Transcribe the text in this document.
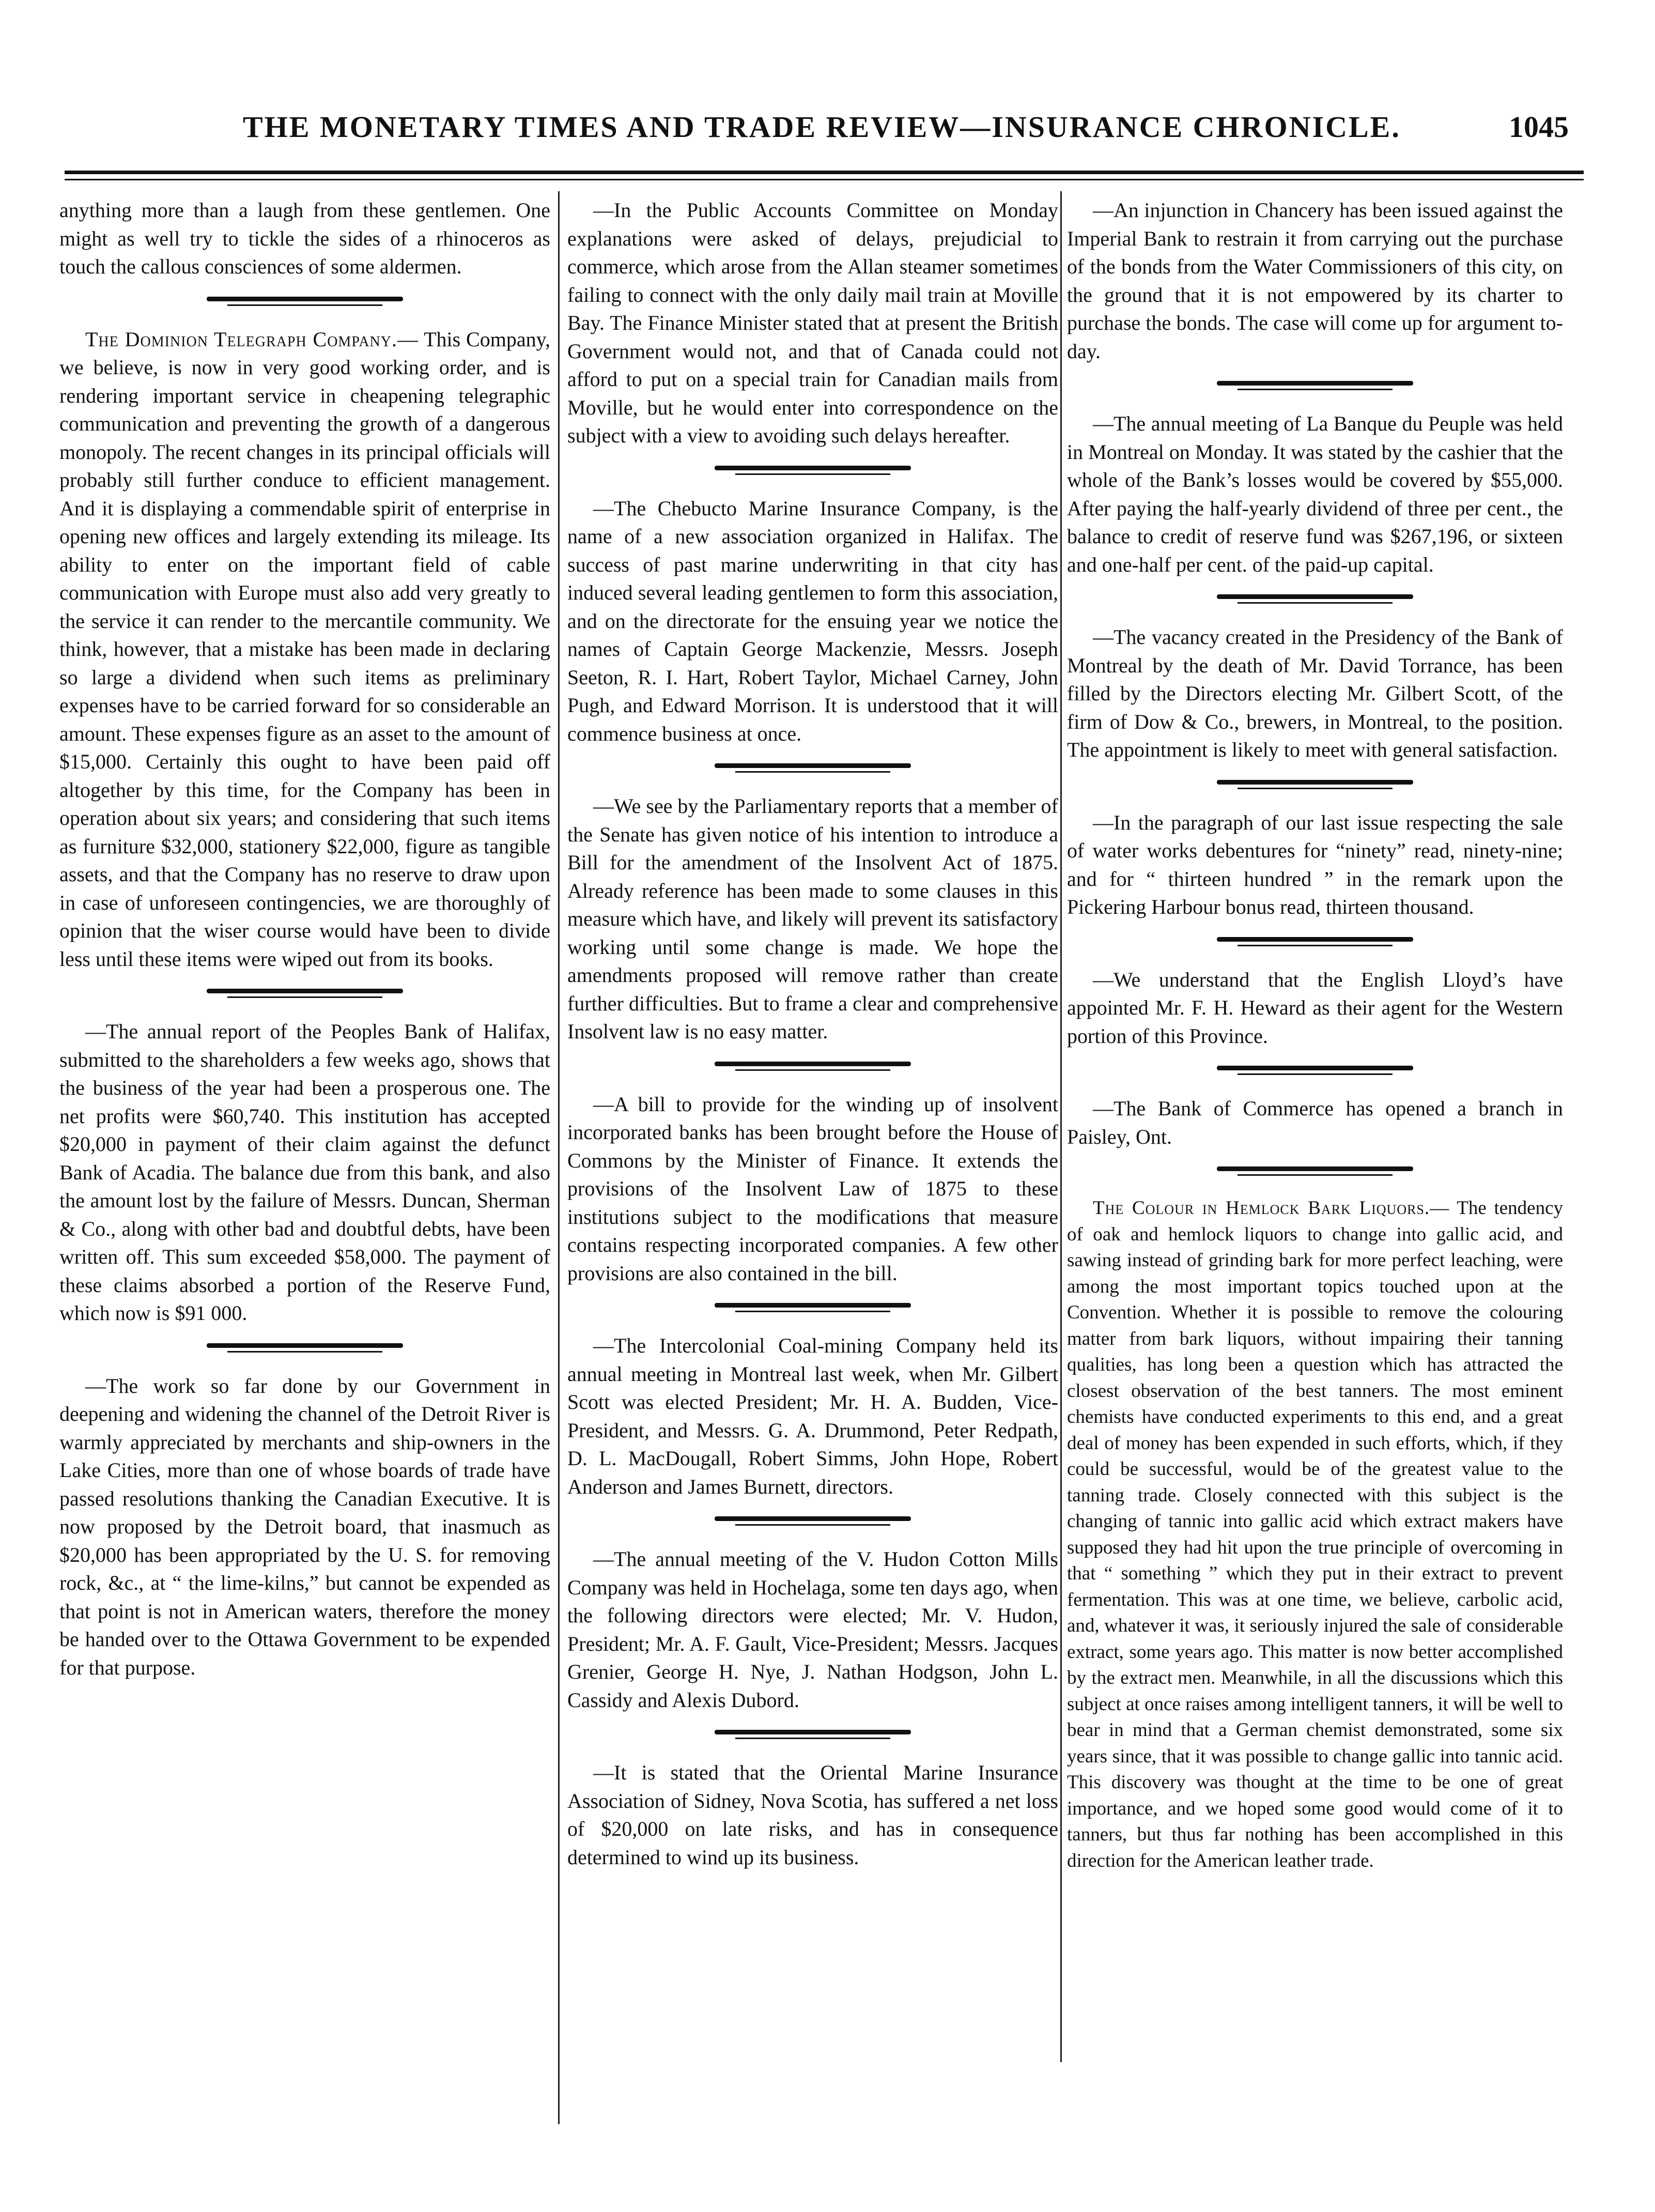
THE MONETARY TIMES AND TRADE REVIEW—INSURANCE CHRONICLE.	1045

anything more than a laugh from these gentlemen. One might as well try to tickle the sides of a rhinoceros as touch the callous consciences of some aldermen.

The Dominion Telegraph Company.— This Company, we believe, is now in very good working order, and is rendering important service in cheapening telegraphic communication and preventing the growth of a dangerous monopoly. The recent changes in its principal officials will probably still further conduce to efficient management. And it is displaying a commendable spirit of enterprise in opening new offices and largely extending its mileage. Its ability to enter on the important field of cable communication with Europe must also add very greatly to the service it can render to the mercantile community. We think, however, that a mistake has been made in declaring so large a dividend when such items as preliminary expenses have to be carried forward for so considerable an amount. These expenses figure as an asset to the amount of $15,000. Certainly this ought to have been paid off altogether by this time, for the Company has been in operation about six years; and considering that such items as furniture $32,000, stationery $22,000, figure as tangible assets, and that the Company has no reserve to draw upon in case of unforeseen contingencies, we are thoroughly of opinion that the wiser course would have been to divide less until these items were wiped out from its books.

—The annual report of the Peoples Bank of Halifax, submitted to the shareholders a few weeks ago, shows that the business of the year had been a prosperous one. The net profits were $60,740. This institution has accepted $20,000 in payment of their claim against the defunct Bank of Acadia. The balance due from this bank, and also the amount lost by the failure of Messrs. Duncan, Sherman & Co., along with other bad and doubtful debts, have been written off. This sum exceeded $58,000. The payment of these claims absorbed a portion of the Reserve Fund, which now is $91 000.

—The work so far done by our Government in deepening and widening the channel of the Detroit River is warmly appreciated by merchants and ship-owners in the Lake Cities, more than one of whose boards of trade have passed resolutions thanking the Canadian Executive. It is now proposed by the Detroit board, that inasmuch as $20,000 has been appropriated by the U. S. for removing rock, &c., at “ the lime-kilns,” but cannot be expended as that point is not in American waters, therefore the money be handed over to the Ottawa Government to be expended for that purpose.

—In the Public Accounts Committee on Monday explanations were asked of delays, prejudicial to commerce, which arose from the Allan steamer sometimes failing to connect with the only daily mail train at Moville Bay. The Finance Minister stated that at present the British Government would not, and that of Canada could not afford to put on a special train for Canadian mails from Moville, but he would enter into correspondence on the subject with a view to avoiding such delays hereafter.

—The Chebucto Marine Insurance Company, is the name of a new association organized in Halifax. The success of past marine underwriting in that city has induced several leading gentlemen to form this association, and on the directorate for the ensuing year we notice the names of Captain George Mackenzie, Messrs. Joseph Seeton, R. I. Hart, Robert Taylor, Michael Carney, John Pugh, and Edward Morrison. It is understood that it will commence business at once.

—We see by the Parliamentary reports that a member of the Senate has given notice of his intention to introduce a Bill for the amendment of the Insolvent Act of 1875. Already reference has been made to some clauses in this measure which have, and likely will prevent its satisfactory working until some change is made. We hope the amendments proposed will remove rather than create further difficulties. But to frame a clear and comprehensive Insolvent law is no easy matter.

—A bill to provide for the winding up of insolvent incorporated banks has been brought before the House of Commons by the Minister of Finance. It extends the provisions of the Insolvent Law of 1875 to these institutions subject to the modifications that measure contains respecting incorporated companies. A few other provisions are also contained in the bill.

—The Intercolonial Coal-mining Company held its annual meeting in Montreal last week, when Mr. Gilbert Scott was elected President; Mr. H. A. Budden, Vice-President, and Messrs. G. A. Drummond, Peter Redpath, D. L. MacDougall, Robert Simms, John Hope, Robert Anderson and James Burnett, directors.

—The annual meeting of the V. Hudon Cotton Mills Company was held in Hochelaga, some ten days ago, when the following directors were elected; Mr. V. Hudon, President; Mr. A. F. Gault, Vice-President; Messrs. Jacques Grenier, George H. Nye, J. Nathan Hodgson, John L. Cassidy and Alexis Dubord.

—It is stated that the Oriental Marine Insurance Association of Sidney, Nova Scotia, has suffered a net loss of $20,000 on late risks, and has in consequence determined to wind up its business.

—An injunction in Chancery has been issued against the Imperial Bank to restrain it from carrying out the purchase of the bonds from the Water Commissioners of this city, on the ground that it is not empowered by its charter to purchase the bonds. The case will come up for argument to-day.

—The annual meeting of La Banque du Peuple was held in Montreal on Monday. It was stated by the cashier that the whole of the Bank’s losses would be covered by $55,000. After paying the half-yearly dividend of three per cent., the balance to credit of reserve fund was $267,196, or sixteen and one-half per cent. of the paid-up capital.

—The vacancy created in the Presidency of the Bank of Montreal by the death of Mr. David Torrance, has been filled by the Directors electing Mr. Gilbert Scott, of the firm of Dow & Co., brewers, in Montreal, to the position. The appointment is likely to meet with general satisfaction.

—In the paragraph of our last issue respecting the sale of water works debentures for “ninety” read, ninety-nine; and for “ thirteen hundred ” in the remark upon the Pickering Harbour bonus read, thirteen thousand.

—We understand that the English Lloyd’s have appointed Mr. F. H. Heward as their agent for the Western portion of this Province.

—The Bank of Commerce has opened a branch in Paisley, Ont.

The Colour in Hemlock Bark Liquors.— The tendency of oak and hemlock liquors to change into gallic acid, and sawing instead of grinding bark for more perfect leaching, were among the most important topics touched upon at the Convention. Whether it is possible to remove the colouring matter from bark liquors, without impairing their tanning qualities, has long been a question which has attracted the closest observation of the best tanners. The most eminent chemists have conducted experiments to this end, and a great deal of money has been expended in such efforts, which, if they could be successful, would be of the greatest value to the tanning trade. Closely connected with this subject is the changing of tannic into gallic acid which extract makers have supposed they had hit upon the true principle of overcoming in that “ something ” which they put in their extract to prevent fermentation. This was at one time, we believe, carbolic acid, and, whatever it was, it seriously injured the sale of considerable extract, some years ago. This matter is now better accomplished by the extract men. Meanwhile, in all the discussions which this subject at once raises among intelligent tanners, it will be well to bear in mind that a German chemist demonstrated, some six years since, that it was possible to change gallic into tannic acid. This discovery was thought at the time to be one of great importance, and we hoped some good would come of it to tanners, but thus far nothing has been accomplished in this direction for the American leather trade.
